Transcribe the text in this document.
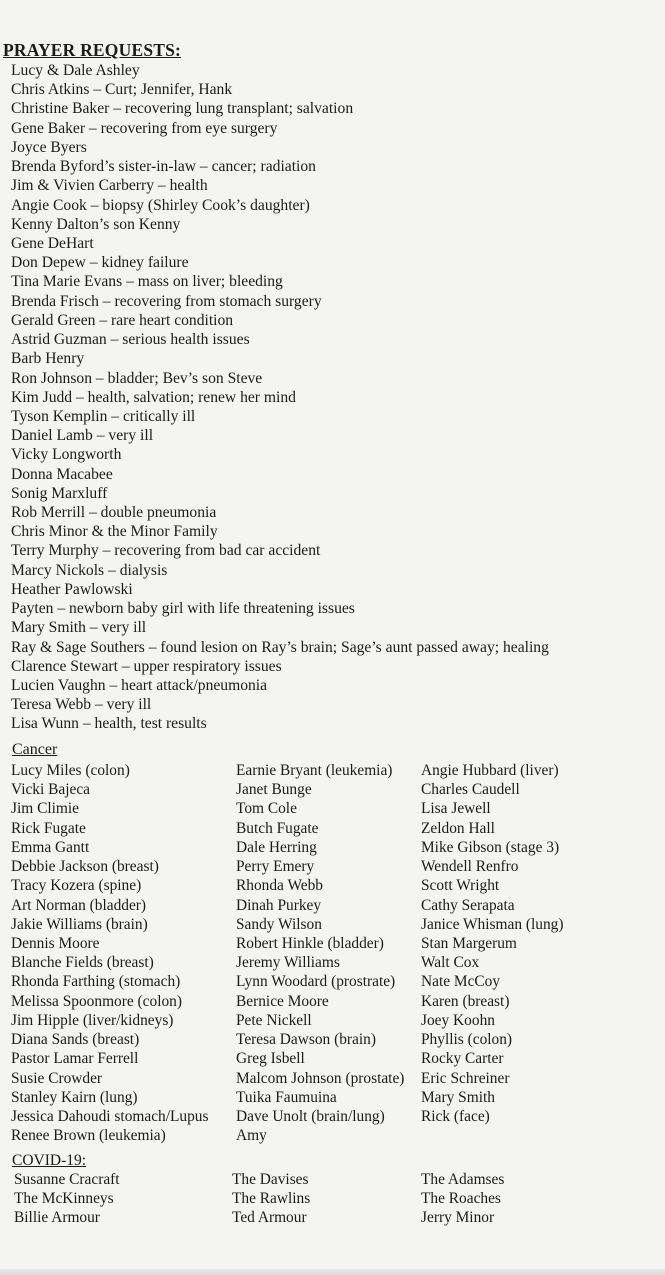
PRAYER REQUESTS:
Lucy & Dale Ashley
Chris Atkins – Curt; Jennifer, Hank
Christine Baker – recovering lung transplant; salvation
Gene Baker – recovering from eye surgery
Joyce Byers
Brenda Byford’s sister-in-law – cancer; radiation
Jim & Vivien Carberry – health
Angie Cook – biopsy (Shirley Cook’s daughter)
Kenny Dalton’s son Kenny
Gene DeHart
Don Depew – kidney failure
Tina Marie Evans – mass on liver; bleeding
Brenda Frisch – recovering from stomach surgery
Gerald Green – rare heart condition
Astrid Guzman – serious health issues
Barb Henry
Ron Johnson – bladder; Bev’s son Steve
Kim Judd – health, salvation; renew her mind
Tyson Kemplin – critically ill
Daniel Lamb – very ill
Vicky Longworth
Donna Macabee
Sonig Marxluff
Rob Merrill – double pneumonia
Chris Minor & the Minor Family
Terry Murphy – recovering from bad car accident
Marcy Nickols – dialysis
Heather Pawlowski
Payten – newborn baby girl with life threatening issues
Mary Smith – very ill
Ray & Sage Southers – found lesion on Ray’s brain; Sage’s aunt passed away; healing
Clarence Stewart – upper respiratory issues
Lucien Vaughn – heart attack/pneumonia
Teresa Webb – very ill
Lisa Wunn – health, test results
Cancer
Lucy Miles (colon)
Vicki Bajeca
Jim Climie
Rick Fugate
Emma Gantt
Debbie Jackson (breast)
Tracy Kozera (spine)
Art Norman (bladder)
Jakie Williams (brain)
Dennis Moore
Blanche Fields (breast)
Rhonda Farthing (stomach)
Melissa Spoonmore (colon)
Jim Hipple (liver/kidneys)
Diana Sands (breast)
Pastor Lamar Ferrell
Susie Crowder
Stanley Kairn (lung)
Jessica Dahoudi stomach/Lupus
Renee Brown (leukemia)
Earnie Bryant (leukemia)
Janet Bunge
Tom Cole
Butch Fugate
Dale Herring
Perry Emery
Rhonda Webb
Dinah Purkey
Sandy Wilson
Robert Hinkle (bladder)
Jeremy Williams
Lynn Woodard (prostrate)
Bernice Moore
Pete Nickell
Teresa Dawson (brain)
Greg Isbell
Malcom Johnson (prostate)
Tuika Faumuina
Dave Unolt (brain/lung)
Amy
Angie Hubbard (liver)
Charles Caudell
Lisa Jewell
Zeldon Hall
Mike Gibson (stage 3)
Wendell Renfro
Scott Wright
Cathy Serapata
Janice Whisman (lung)
Stan Margerum
Walt Cox
Nate McCoy
Karen (breast)
Joey Koohn
Phyllis (colon)
Rocky Carter
Eric Schreiner
Mary Smith
Rick (face)
COVID-19:
Susanne Cracraft
The McKinneys
Billie Armour
The Davises
The Rawlins
Ted Armour
The Adamses
The Roaches
Jerry Minor
